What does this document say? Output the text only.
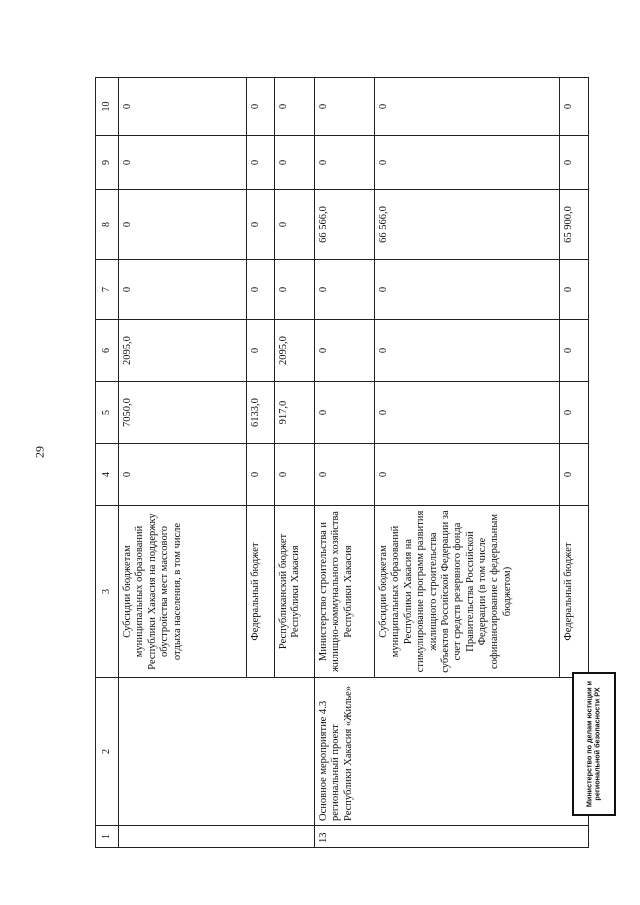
29
1	2	3	4	5	6	7	8	9	10
		Субсидии бюджетам муниципальных образований Республики Хакасия на поддержку обустройства мест массового отдыха населения, в том числе	0	7050,0	2095,0	0	0	0	0
		Федеральный бюджет	0	6133,0	0	0	0	0	0
		Республиканский бюджет Республики Хакасия	0	917,0	2095,0	0	0	0	0
13	Основное мероприятие 4.3 региональный проект Республики Хакасия «Жилье»	Министерство строительства и жилищно-коммунального хозяйства Республики Хакасия	0	0	0	0	66 566,0	0	0
		Субсидии бюджетам муниципальных образований Республики Хакасия на стимулирование программ развития жилищного строительства субъектов Российской Федерации за счет средств резервного фонда Правительства Российской Федерации (в том числе софинансирование с федеральным бюджетом)	0	0	0	0	66 566,0	0	0
		Федеральный бюджет	0	0	0	0	65 900,0	0	0
Министерство по делам юстиции и региональной безопасности РХ
